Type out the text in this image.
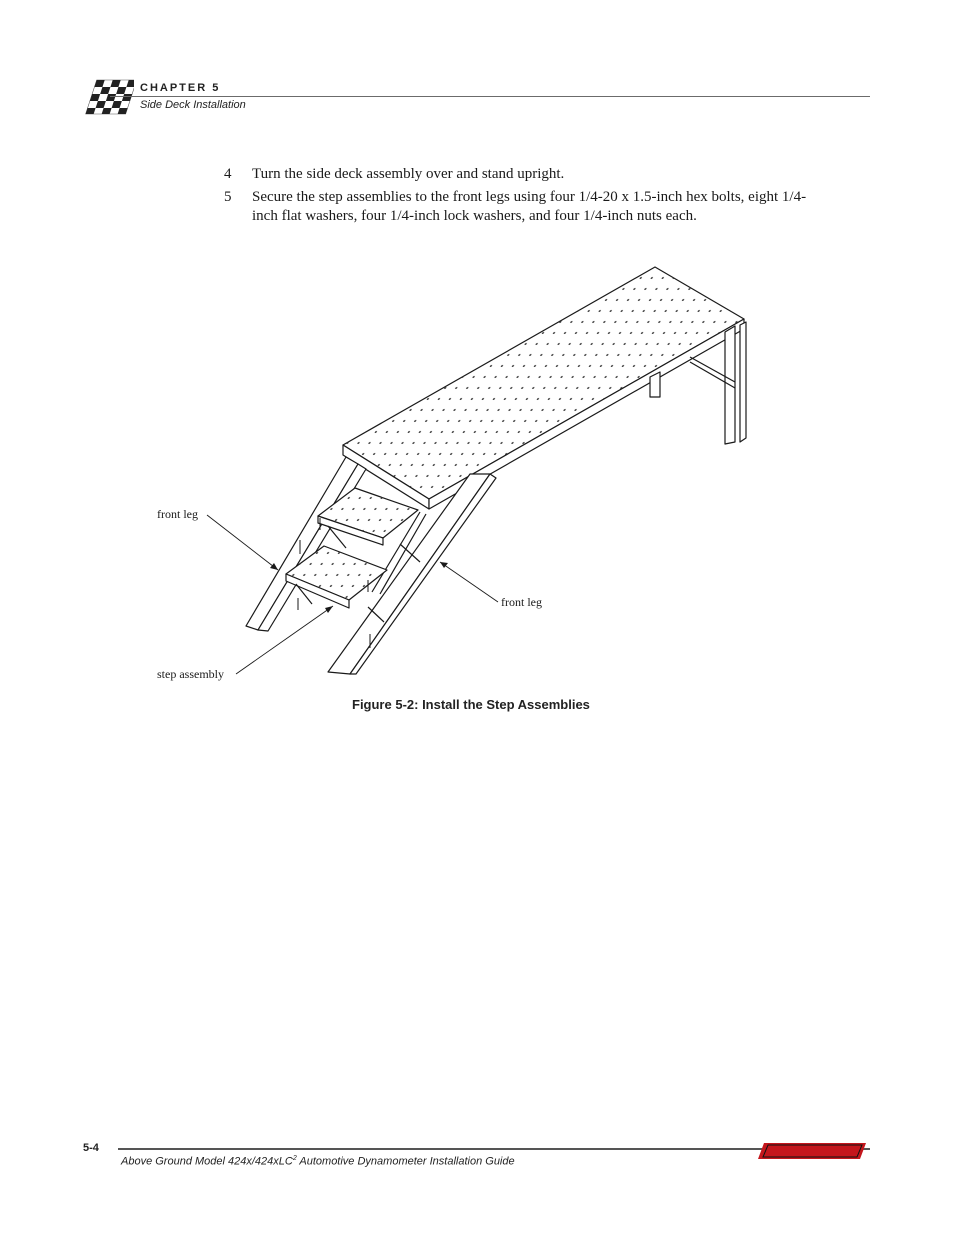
CHAPTER 5
Side Deck Installation
4 Turn the side deck assembly over and stand upright.
5 Secure the step assemblies to the front legs using four 1/4-20 x 1.5-inch hex bolts, eight 1/4-inch flat washers, four 1/4-inch lock washers, and four 1/4-inch nuts each.
front leg
front leg
step assembly
Figure 5-2: Install the Step Assemblies
5-4
Above Ground Model 424x/424xLC$^2$ Automotive Dynamometer Installation Guide
